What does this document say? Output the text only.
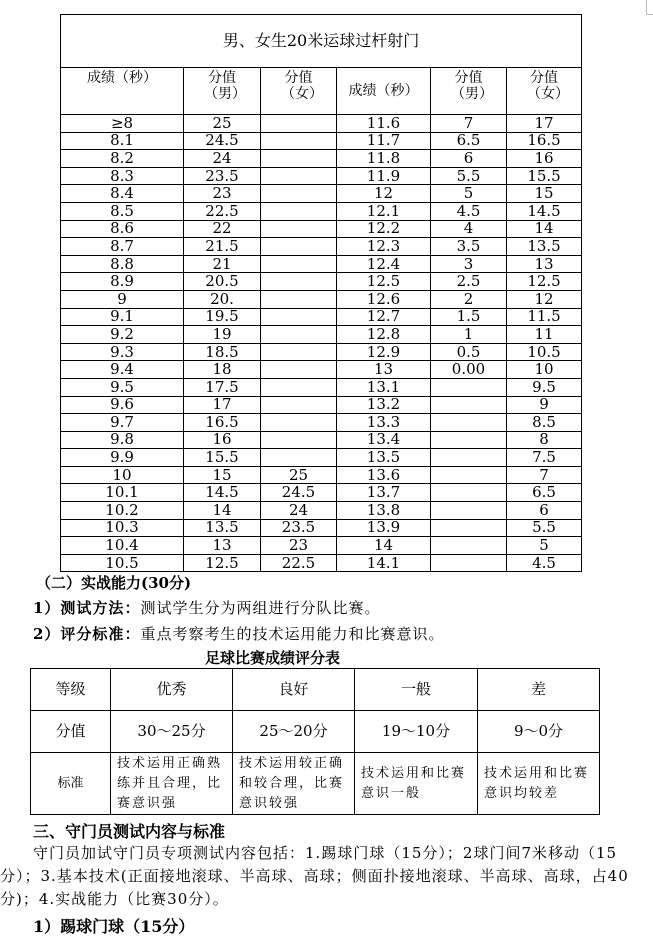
男、女生20米运球过杆射门					
成绩（秒）	分值（男）	分值（女）	成绩（秒）	分值（男）	分值（女）
≥8	25		11.6	7	17
8.1	24.5		11.7	6.5	16.5
8.2	24		11.8	6	16
8.3	23.5		11.9	5.5	15.5
8.4	23		12	5	15
8.5	22.5		12.1	4.5	14.5
8.6	22		12.2	4	14
8.7	21.5		12.3	3.5	13.5
8.8	21		12.4	3	13
8.9	20.5		12.5	2.5	12.5
9	20.		12.6	2	12
9.1	19.5		12.7	1.5	11.5
9.2	19		12.8	1	11
9.3	18.5		12.9	0.5	10.5
9.4	18		13	0.00	10
9.5	17.5		13.1		9.5
9.6	17		13.2		9
9.7	16.5		13.3		8.5
9.8	16		13.4		8
9.9	15.5		13.5		7.5
10	15	25	13.6		7
10.1	14.5	24.5	13.7		6.5
10.2	14	24	13.8		6
10.3	13.5	23.5	13.9		5.5
10.4	13	23	14		5
10.5	12.5	22.5	14.1		4.5
（二）实战能力(30分)
1）测试方法：测试学生分为两组进行分队比赛。
2）评分标准：重点考察考生的技术运用能力和比赛意识。
足球比赛成绩评分表
等级	优秀	良好	一般	差
分值	30～25分	25～20分	19～10分	9～0分
标准	技术运用正确熟练并且合理，比赛意识强	技术运用较正确和较合理，比赛意识较强	技术运用和比赛意识一般	技术运用和比赛意识均较差
三、守门员测试内容与标准
守门员加试守门员专项测试内容包括：1.踢球门球（15分）；2球门间7米移动（15分）；3.基本技术(正面接地滚球、半高球、高球；侧面扑接地滚球、半高球、高球，占40分)；4.实战能力（比赛30分）。
1）踢球门球（15分）
